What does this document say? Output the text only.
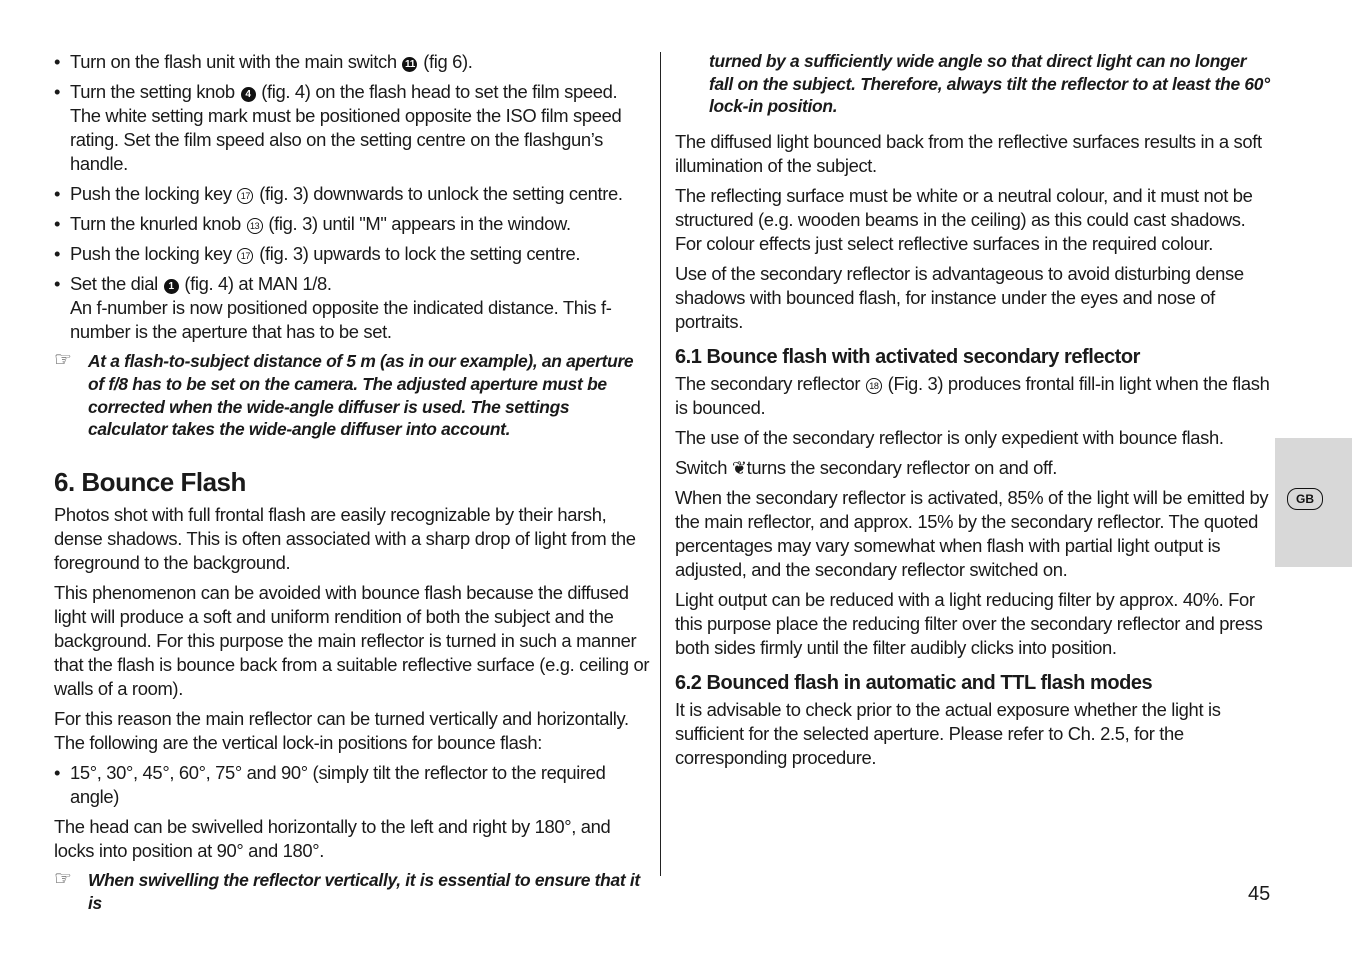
• Turn on the flash unit with the main switch 11 (fig 6).

• Turn the setting knob 4 (fig. 4) on the flash head to set the film speed. The white setting mark must be positioned opposite the ISO film speed rating. Set the film speed also on the setting centre on the flashgun’s handle.

• Push the locking key 17 (fig. 3) downwards to unlock the setting centre.

• Turn the knurled knob 13 (fig. 3) until "M" appears in the window.

• Push the locking key 17 (fig. 3) upwards to lock the setting centre.

• Set the dial 1 (fig. 4) at MAN 1/8.

An f-number is now positioned opposite the indicated distance. This f-number is the aperture that has to be set.

☞ At a flash-to-subject distance of 5 m (as in our example), an aperture of f/8 has to be set on the camera. The adjusted aperture must be corrected when the wide-angle diffuser is used. The settings calculator takes the wide-angle diffuser into account.

6. Bounce Flash

Photos shot with full frontal flash are easily recognizable by their harsh, dense shadows. This is often associated with a sharp drop of light from the foreground to the background.

This phenomenon can be avoided with bounce flash because the diffused light will produce a soft and uniform rendition of both the subject and the background. For this purpose the main reflector is turned in such a manner that the flash is bounce back from a suitable reflective surface (e.g. ceiling or walls of a room).

For this reason the main reflector can be turned vertically and horizontally. The following are the vertical lock-in positions for bounce flash:

• 15°, 30°, 45°, 60°, 75° and 90° (simply tilt the reflector to the required angle)

The head can be swivelled horizontally to the left and right by 180°, and locks into position at 90° and 180°.

☞ When swivelling the reflector vertically, it is essential to ensure that it is

turned by a sufficiently wide angle so that direct light can no longer fall on the subject. Therefore, always tilt the reflector to at least the 60° lock-in position.

The diffused light bounced back from the reflective surfaces results in a soft illumination of the subject.

The reflecting surface must be white or a neutral colour, and it must not be structured (e.g. wooden beams in the ceiling) as this could cast shadows. For colour effects just select reflective surfaces in the required colour.

Use of the secondary reflector is advantageous to avoid disturbing dense shadows with bounced flash, for instance under the eyes and nose of portraits.

6.1 Bounce flash with activated secondary reflector

The secondary reflector 18 (Fig. 3) produces frontal fill-in light when the flash is bounced.

The use of the secondary reflector is only expedient with bounce flash.

Switch ❦turns the secondary reflector on and off.

When the secondary reflector is activated, 85% of the light will be emitted by the main reflector, and approx. 15% by the secondary reflector. The quoted percentages may vary somewhat when flash with partial light output is adjusted, and the secondary reflector switched on.

Light output can be reduced with a light reducing filter by approx. 40%. For this purpose place the reducing filter over the secondary reflector and press both sides firmly until the filter audibly clicks into position.

6.2 Bounced flash in automatic and TTL flash modes

It is advisable to check prior to the actual exposure whether the light is sufficient for the selected aperture. Please refer to Ch. 2.5, for the corresponding procedure.

GB
45
